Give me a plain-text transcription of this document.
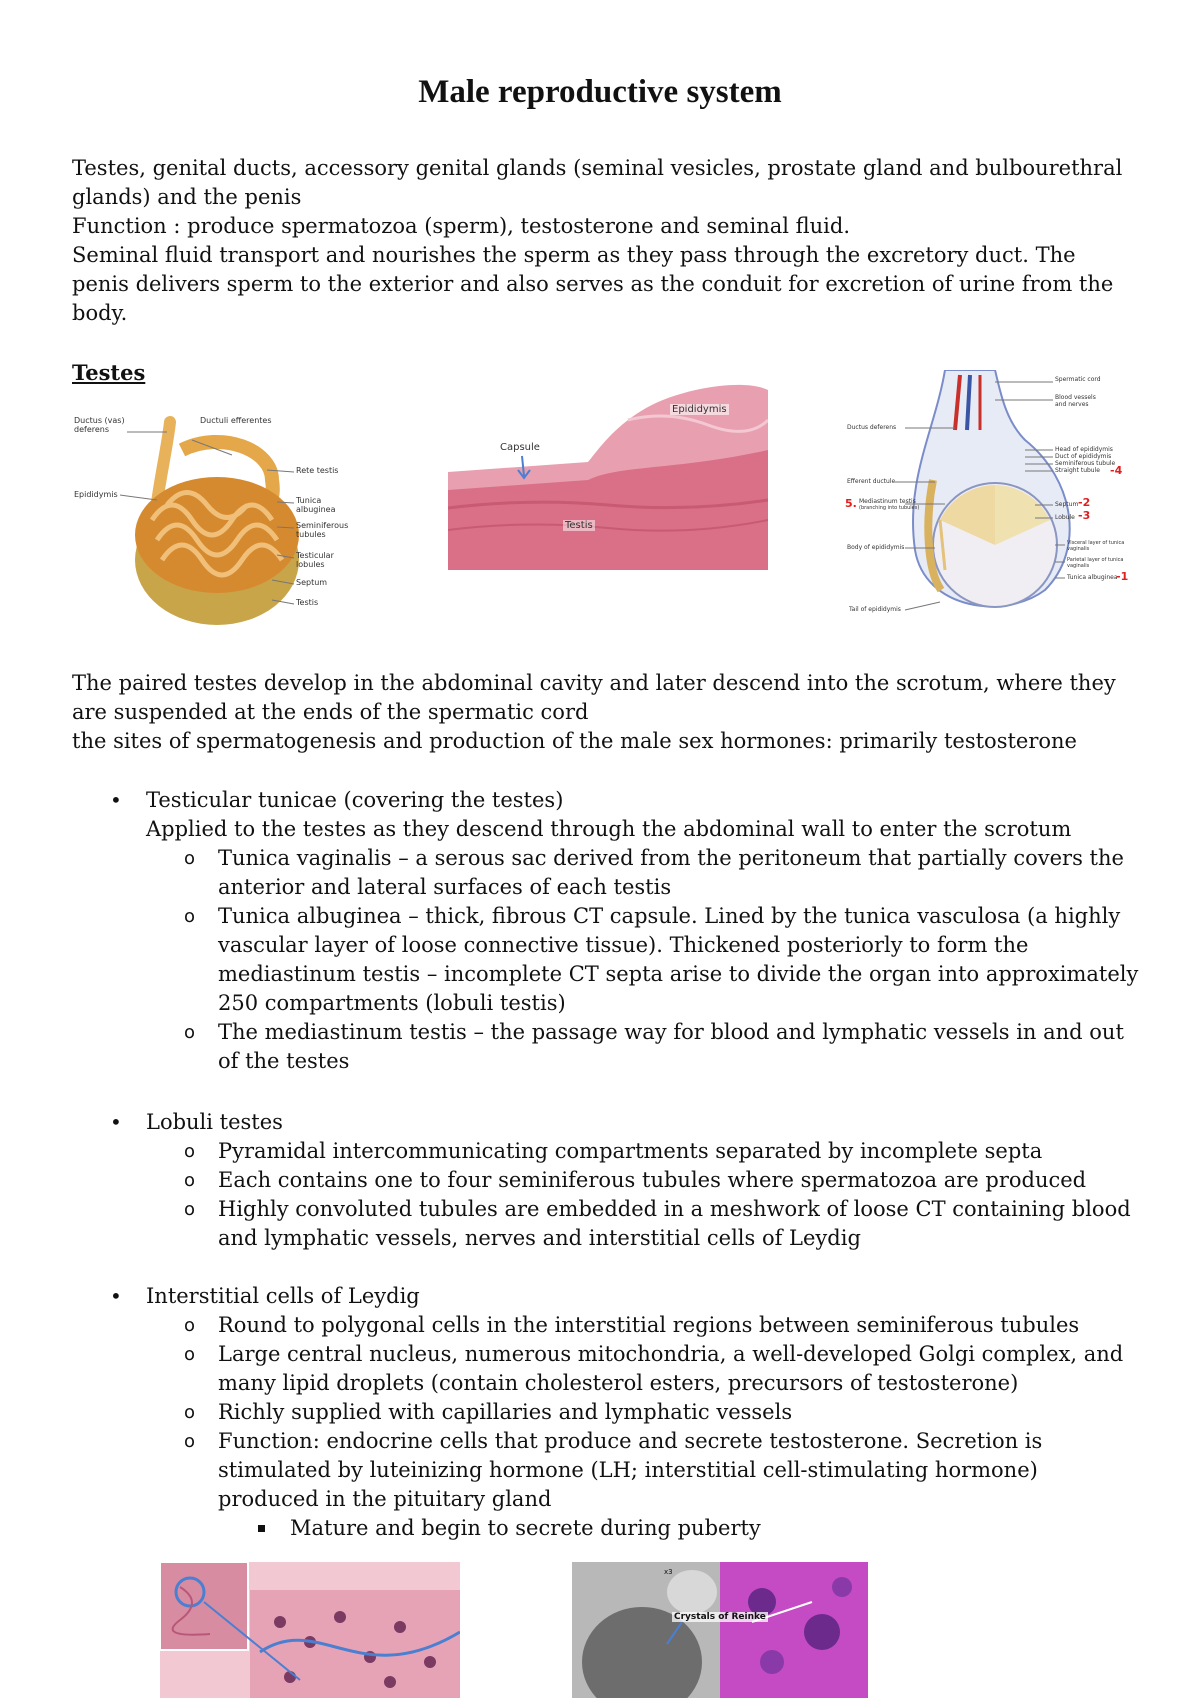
Male reproductive system
Testes, genital ducts, accessory genital glands (seminal vesicles, prostate gland and bulbourethral glands) and the penis
Function : produce spermatozoa (sperm), testosterone and seminal fluid.
Seminal fluid transport and nourishes the sperm as they pass through the excretory duct. The penis delivers sperm to the exterior and also serves as the conduit for excretion of urine from the body.
Testes
Ductus (vas) deferens
Ductuli efferentes
Epididymis
Rete testis
Tunica albuginea
Seminiferous tubules
Testicular lobules
Septum
Testis
Epididymis
Capsule
Testis
Spermatic cord
Blood vessels and nerves
Ductus deferens
Head of epididymis
Duct of epididymis
Seminiferous tubule
Straight tubule -4
Efferent ductule
Mediastinum testis
(branching into tubules)
5.	Septum -2
Lobule -3
Body of epididymis
Visceral layer of tunica vaginalis
Parietal layer of tunica vaginalis
Tunica albuginea
-1
Tail of epididymis
The paired testes develop in the abdominal cavity and later descend into the scrotum, where they are suspended at the ends of the spermatic cord
the sites of spermatogenesis and production of the male sex hormones: primarily testosterone
• Testicular tunicae (covering the testes)
Applied to the testes as they descend through the abdominal wall to enter the scrotum
o Tunica vaginalis – a serous sac derived from the peritoneum that partially covers the anterior and lateral surfaces of each testis
o Tunica albuginea – thick, fibrous CT capsule. Lined by the tunica vasculosa (a highly vascular layer of loose connective tissue). Thickened posteriorly to form the mediastinum testis – incomplete CT septa arise to divide the organ into approximately 250 compartments (lobuli testis)
o The mediastinum testis – the passage way for blood and lymphatic vessels in and out of the testes
• Lobuli testes
o Pyramidal intercommunicating compartments separated by incomplete septa
o Each contains one to four seminiferous tubules where spermatozoa are produced
o Highly convoluted tubules are embedded in a meshwork of loose CT containing blood and lymphatic vessels, nerves and interstitial cells of Leydig
• Interstitial cells of Leydig
o Round to polygonal cells in the interstitial regions between seminiferous tubules
o Large central nucleus, numerous mitochondria, a well-developed Golgi complex, and many lipid droplets (contain cholesterol esters, precursors of testosterone)
o Richly supplied with capillaries and lymphatic vessels
o Function: endocrine cells that produce and secrete testosterone. Secretion is stimulated by luteinizing hormone (LH; interstitial cell-stimulating hormone) produced in the pituitary gland
Mature and begin to secrete during puberty
Crystals of Reinke
x3
